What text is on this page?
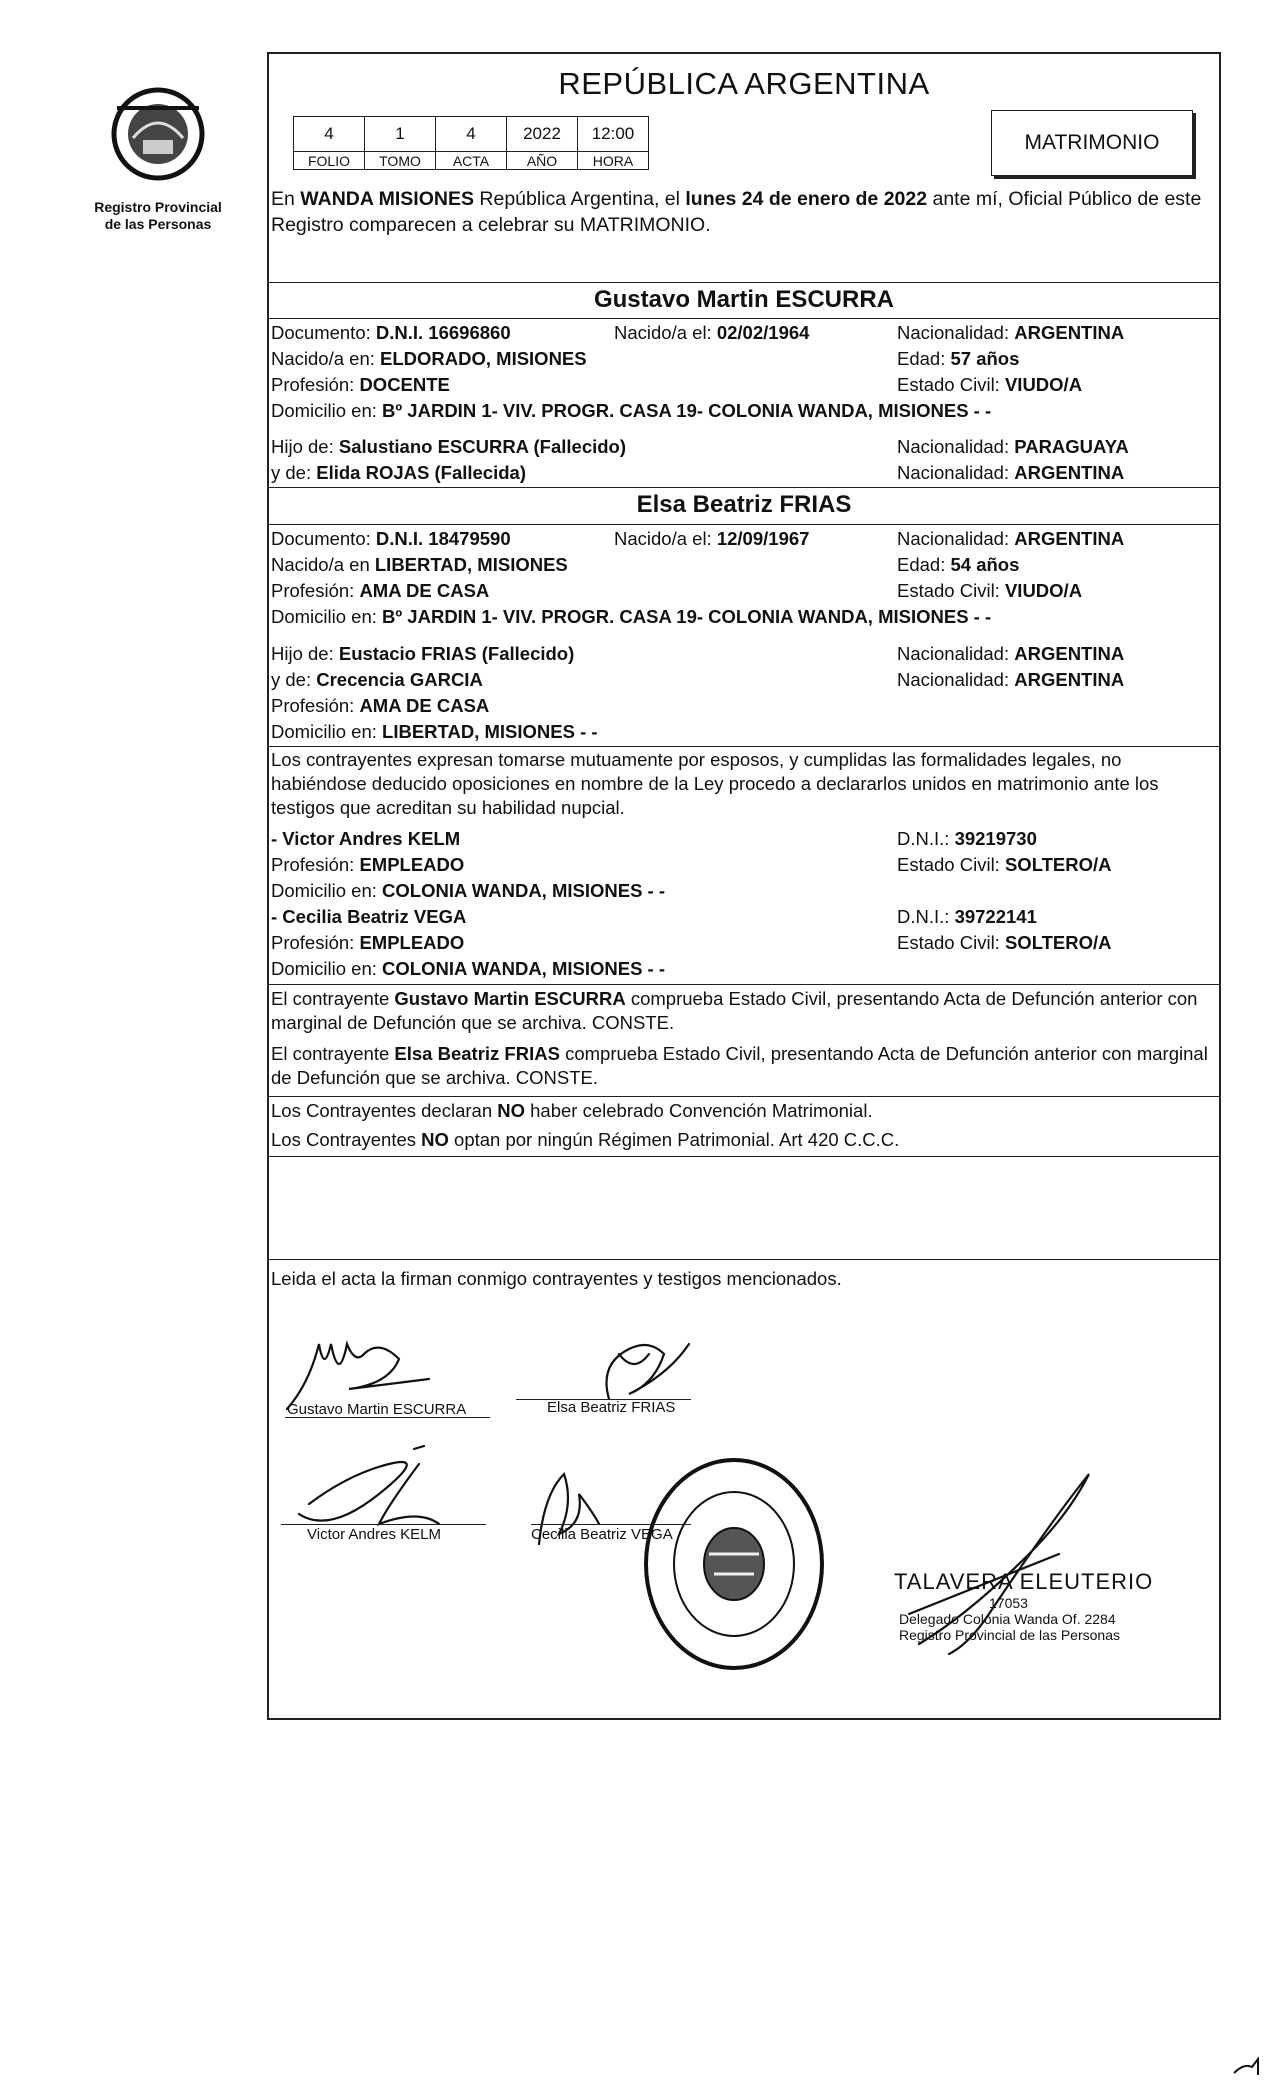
Registro Provincial
de las Personas
REPÚBLICA ARGENTINA
4	1	4	2022	12:00
FOLIO	TOMO	ACTA	AÑO	HORA
MATRIMONIO
En WANDA MISIONES República Argentina, el lunes 24 de enero de 2022 ante mí, Oficial Público de este Registro comparecen a celebrar su MATRIMONIO.
Gustavo Martin ESCURRA
Documento: D.N.I. 16696860	Nacido/a el: 02/02/1964	Nacionalidad: ARGENTINA
Nacido/a en: ELDORADO, MISIONES	Edad: 57 años
Profesión: DOCENTE	Estado Civil: VIUDO/A
Domicilio en: Bº JARDIN 1- VIV. PROGR. CASA 19- COLONIA WANDA, MISIONES - -
Hijo de: Salustiano ESCURRA (Fallecido)	Nacionalidad: PARAGUAYA
y de: Elida ROJAS (Fallecida)	Nacionalidad: ARGENTINA
Elsa Beatriz FRIAS
Documento: D.N.I. 18479590	Nacido/a el: 12/09/1967	Nacionalidad: ARGENTINA
Nacido/a en LIBERTAD, MISIONES	Edad: 54 años
Profesión: AMA DE CASA	Estado Civil: VIUDO/A
Domicilio en: Bº JARDIN 1- VIV. PROGR. CASA 19- COLONIA WANDA, MISIONES - -
Hijo de: Eustacio FRIAS (Fallecido)	Nacionalidad: ARGENTINA
y de: Crecencia GARCIA	Nacionalidad: ARGENTINA
Profesión: AMA DE CASA
Domicilio en: LIBERTAD, MISIONES - -
Los contrayentes expresan tomarse mutuamente por esposos, y cumplidas las formalidades legales, no habiéndose deducido oposiciones en nombre de la Ley procedo a declararlos unidos en matrimonio ante los testigos que acreditan su habilidad nupcial.
- Victor Andres KELM	D.N.I.: 39219730
Profesión: EMPLEADO	Estado Civil: SOLTERO/A
Domicilio en: COLONIA WANDA, MISIONES - -
- Cecilia Beatriz VEGA	D.N.I.: 39722141
Profesión: EMPLEADO	Estado Civil: SOLTERO/A
Domicilio en: COLONIA WANDA, MISIONES - -
El contrayente Gustavo Martin ESCURRA comprueba Estado Civil, presentando Acta de Defunción anterior con marginal de Defunción que se archiva. CONSTE.
El contrayente Elsa Beatriz FRIAS comprueba Estado Civil, presentando Acta de Defunción anterior con marginal de Defunción que se archiva. CONSTE.
Los Contrayentes declaran NO haber celebrado Convención Matrimonial.
Los Contrayentes NO optan por ningún Régimen Patrimonial. Art 420 C.C.C.
Leida el acta la firman conmigo contrayentes y testigos mencionados.
Gustavo Martin ESCURRA	Elsa Beatriz FRIAS
Victor Andres KELM	Cecilia Beatriz VEGA
TALAVERA ELEUTERIO
17053
Delegado Colonia Wanda Of. 2284
Registro Provincial de las Personas
